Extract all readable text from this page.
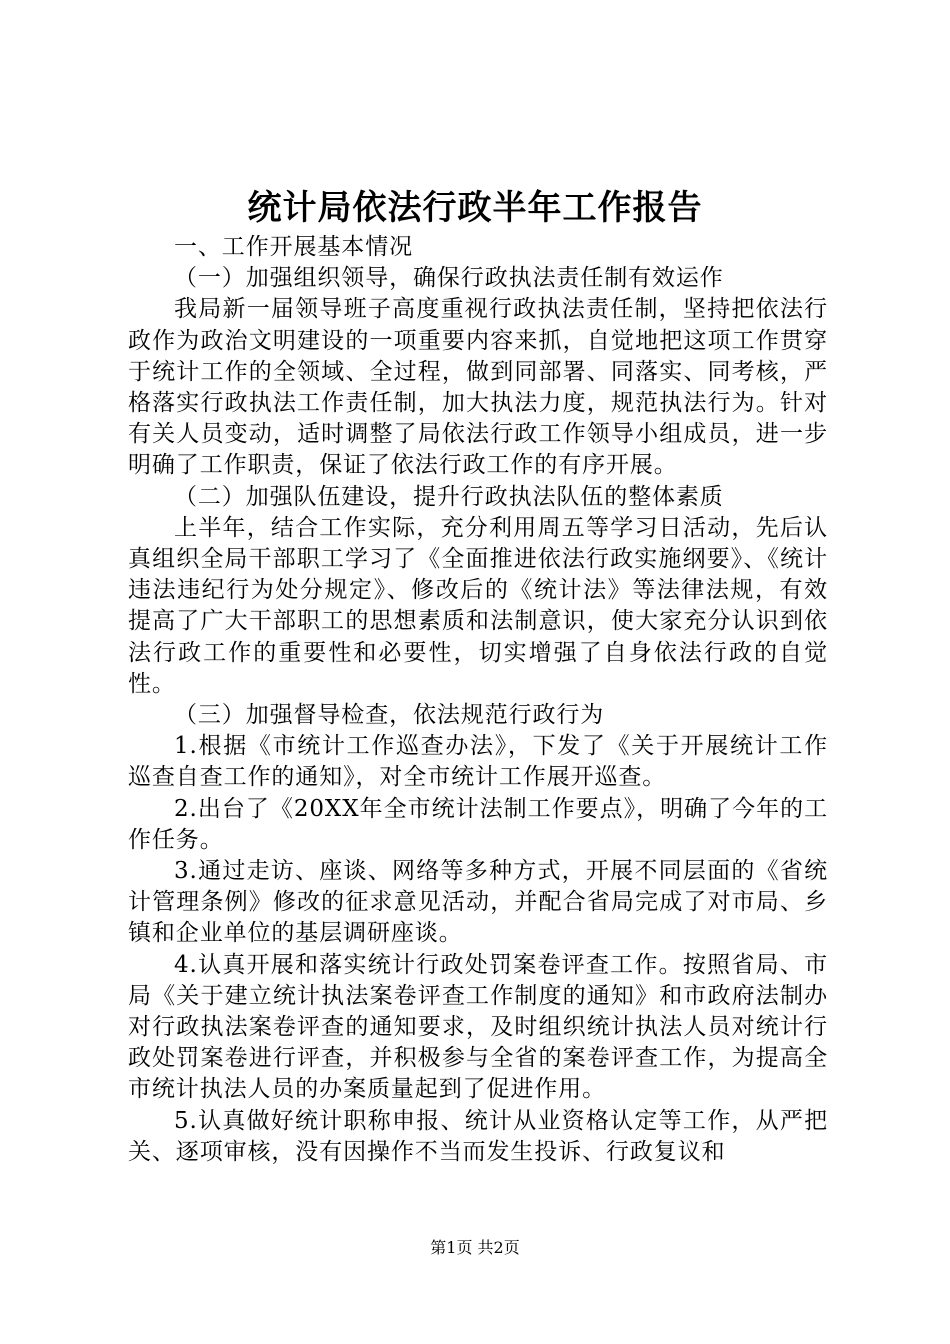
统计局依法行政半年工作报告

一、工作开展基本情况

（一）加强组织领导，确保行政执法责任制有效运作

我局新一届领导班子高度重视行政执法责任制，坚持把依法行政作为政治文明建设的一项重要内容来抓，自觉地把这项工作贯穿于统计工作的全领域、全过程，做到同部署、同落实、同考核，严格落实行政执法工作责任制，加大执法力度，规范执法行为。针对有关人员变动，适时调整了局依法行政工作领导小组成员，进一步明确了工作职责，保证了依法行政工作的有序开展。

（二）加强队伍建设，提升行政执法队伍的整体素质

上半年，结合工作实际，充分利用周五等学习日活动，先后认真组织全局干部职工学习了《全面推进依法行政实施纲要》、《统计违法违纪行为处分规定》、修改后的《统计法》等法律法规，有效提高了广大干部职工的思想素质和法制意识，使大家充分认识到依法行政工作的重要性和必要性，切实增强了自身依法行政的自觉性。

（三）加强督导检查，依法规范行政行为

1.根据《市统计工作巡查办法》，下发了《关于开展统计工作巡查自查工作的通知》，对全市统计工作展开巡查。

2.出台了《20XX年全市统计法制工作要点》，明确了今年的工作任务。

3.通过走访、座谈、网络等多种方式，开展不同层面的《省统计管理条例》修改的征求意见活动，并配合省局完成了对市局、乡镇和企业单位的基层调研座谈。

4.认真开展和落实统计行政处罚案卷评查工作。按照省局、市局《关于建立统计执法案卷评查工作制度的通知》和市政府法制办对行政执法案卷评查的通知要求，及时组织统计执法人员对统计行政处罚案卷进行评查，并积极参与全省的案卷评查工作，为提高全市统计执法人员的办案质量起到了促进作用。

5.认真做好统计职称申报、统计从业资格认定等工作，从严把关、逐项审核，没有因操作不当而发生投诉、行政复议和

第1页 共2页
